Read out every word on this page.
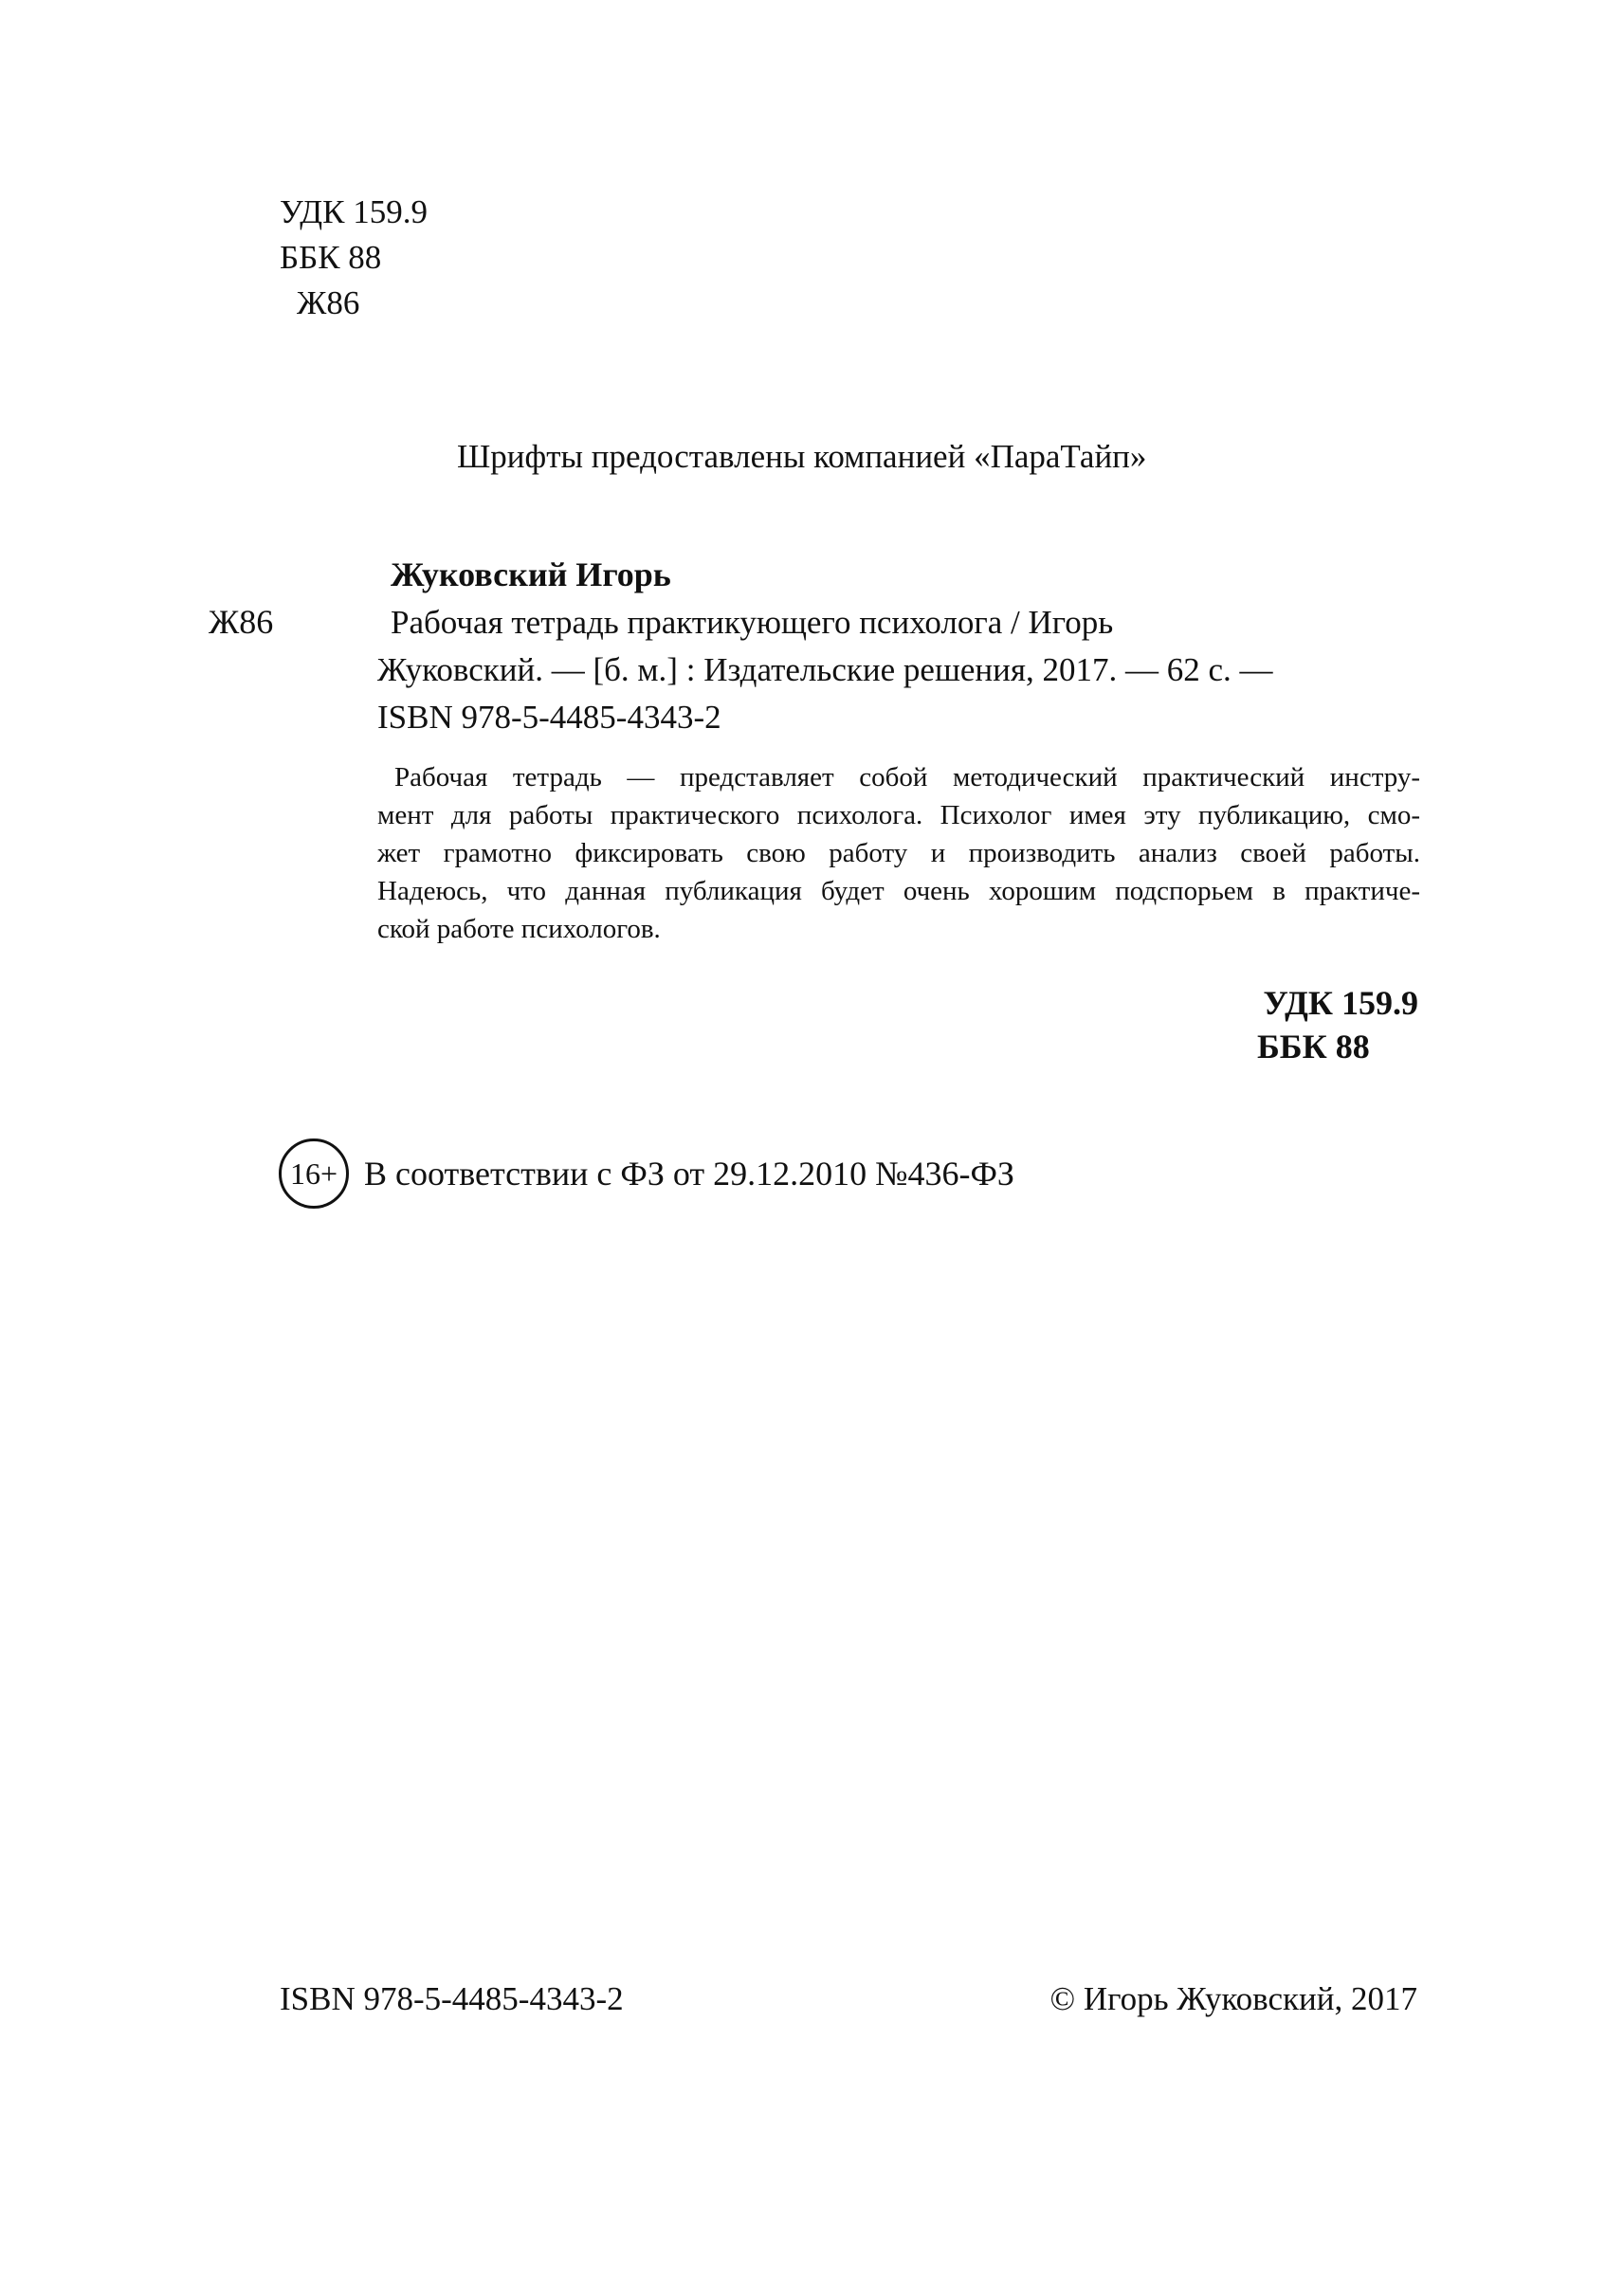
УДК 159.9
ББК 88
Ж86
Шрифты предоставлены компанией «ПараТайп»
Жуковский Игорь
Ж86	Рабочая тетрадь практикующего психолога / Игорь
Жуковский. — [б. м.] : Издательские решения, 2017. — 62 с. —
ISBN 978-5-4485-4343-2
Рабочая тетрадь — представляет собой методический практический инстру-
мент для работы практического психолога. Психолог имея эту публикацию, смо-
жет грамотно фиксировать свою работу и производить анализ своей работы.
Надеюсь, что данная публикация будет очень хорошим подспорьем в практиче-
ской работе психологов.
УДК 159.9
ББК 88
16+ В соответствии с ФЗ от 29.12.2010 №436-ФЗ
ISBN 978-5-4485-4343-2	© Игорь Жуковский, 2017
